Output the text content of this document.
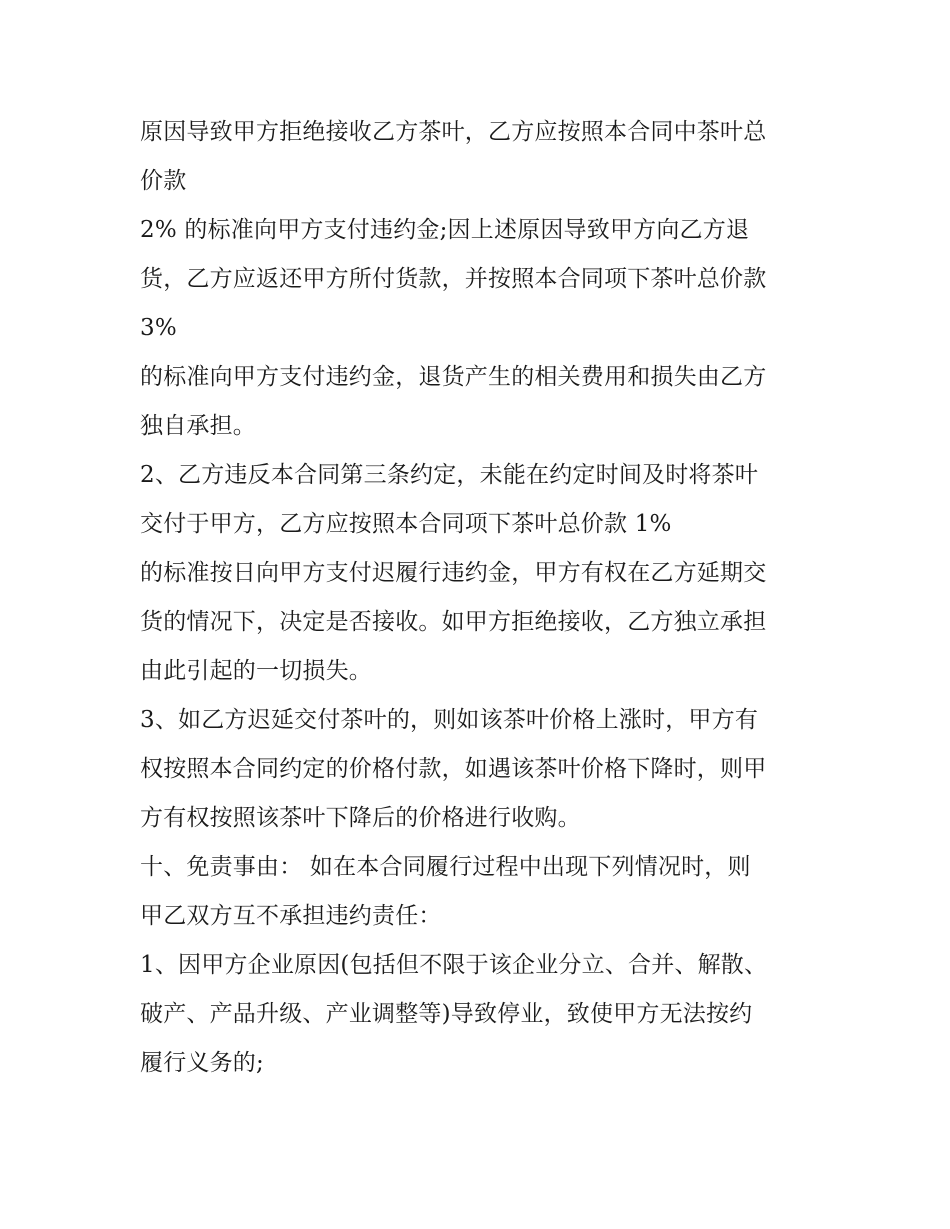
原因导致甲方拒绝接收乙方茶叶，乙方应按照本合同中茶叶总
价款
2% 的标准向甲方支付违约金;因上述原因导致甲方向乙方退
货，乙方应返还甲方所付货款，并按照本合同项下茶叶总价款
3%
的标准向甲方支付违约金，退货产生的相关费用和损失由乙方
独自承担。
2、乙方违反本合同第三条约定，未能在约定时间及时将茶叶
交付于甲方，乙方应按照本合同项下茶叶总价款 1%
的标准按日向甲方支付迟履行违约金，甲方有权在乙方延期交
货的情况下，决定是否接收。如甲方拒绝接收，乙方独立承担
由此引起的一切损失。
3、如乙方迟延交付茶叶的，则如该茶叶价格上涨时，甲方有
权按照本合同约定的价格付款，如遇该茶叶价格下降时，则甲
方有权按照该茶叶下降后的价格进行收购。
十、免责事由： 如在本合同履行过程中出现下列情况时，则
甲乙双方互不承担违约责任：
1、因甲方企业原因(包括但不限于该企业分立、合并、解散、
破产、产品升级、产业调整等)导致停业，致使甲方无法按约
履行义务的;
